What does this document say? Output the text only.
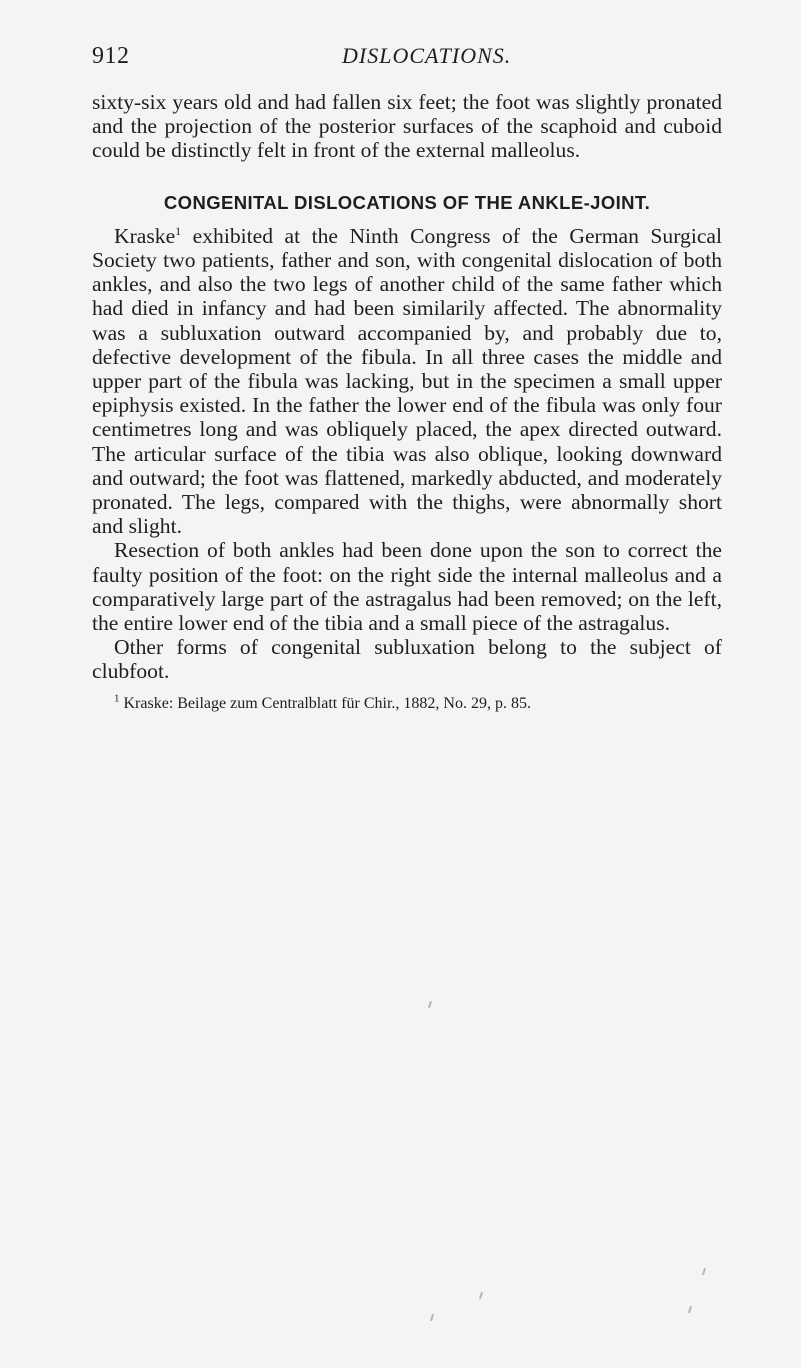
912	DISLOCATIONS.

sixty-six years old and had fallen six feet; the foot was slightly pronated and the projection of the posterior surfaces of the scaphoid and cuboid could be distinctly felt in front of the external malleolus.

CONGENITAL DISLOCATIONS OF THE ANKLE-JOINT.

Kraske$^1$ exhibited at the Ninth Congress of the German Surgical Society two patients, father and son, with congenital dislocation of both ankles, and also the two legs of another child of the same father which had died in infancy and had been similarily affected. The abnormality was a subluxation outward accompanied by, and probably due to, defective development of the fibula. In all three cases the middle and upper part of the fibula was lacking, but in the specimen a small upper epiphysis existed. In the father the lower end of the fibula was only four centimetres long and was obliquely placed, the apex directed outward. The articular surface of the tibia was also oblique, looking downward and outward; the foot was flattened, markedly abducted, and moderately pronated. The legs, compared with the thighs, were abnormally short and slight.

Resection of both ankles had been done upon the son to correct the faulty position of the foot: on the right side the internal malleolus and a comparatively large part of the astragalus had been removed; on the left, the entire lower end of the tibia and a small piece of the astragalus.

Other forms of congenital subluxation belong to the subject of clubfoot.

$^1$ Kraske: Beilage zum Centralblatt für Chir., 1882, No. 29, p. 85.
